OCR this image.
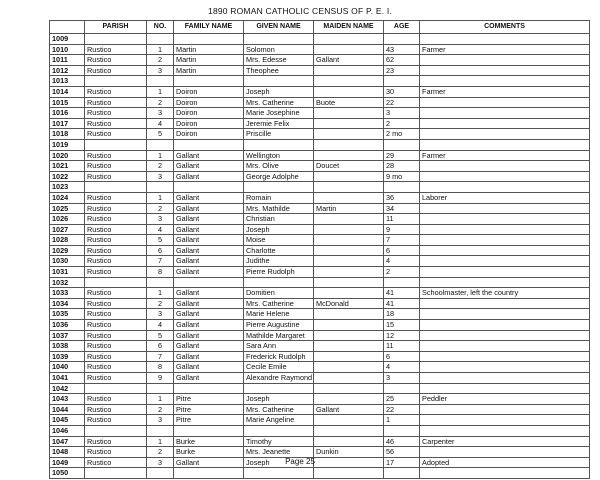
1890 ROMAN CATHOLIC CENSUS OF P. E. I.
	PARISH	NO.	FAMILY NAME	GIVEN NAME	MAIDEN NAME	AGE	COMMENTS
1009							
1010	Rustico	1	Martin	Solomon		43	Farmer
1011	Rustico	2	Martin	Mrs. Edesse	Gallant	62	
1012	Rustico	3	Martin	Theophee		23	
1013							
1014	Rustico	1	Doiron	Joseph		30	Farmer
1015	Rustico	2	Doiron	Mrs. Catherine	Buote	22	
1016	Rustico	3	Doiron	Marie Josephine		3	
1017	Rustico	4	Doiron	Jeremie Felix		2	
1018	Rustico	5	Doiron	Priscille		2 mo	
1019							
1020	Rustico	1	Gallant	Wellington		29	Farmer
1021	Rustico	2	Gallant	Mrs. Olive	Doucet	28	
1022	Rustico	3	Gallant	George Adolphe		9 mo	
1023							
1024	Rustico	1	Gallant	Romain		36	Laborer
1025	Rustico	2	Gallant	Mrs. Mathilde	Martin	34	
1026	Rustico	3	Gallant	Christian		11	
1027	Rustico	4	Gallant	Joseph		9	
1028	Rustico	5	Gallant	Moise		7	
1029	Rustico	6	Gallant	Charlotte		6	
1030	Rustico	7	Gallant	Judithe		4	
1031	Rustico	8	Gallant	Pierre Rudolph		2	
1032							
1033	Rustico	1	Gallant	Domitien		41	Schoolmaster, left the country
1034	Rustico	2	Gallant	Mrs. Catherine	McDonald	41	
1035	Rustico	3	Gallant	Marie Helene		18	
1036	Rustico	4	Gallant	Pierre Augustine		15	
1037	Rustico	5	Gallant	Mathilde Margaret		12	
1038	Rustico	6	Gallant	Sara Ann		11	
1039	Rustico	7	Gallant	Frederick Rudolph		6	
1040	Rustico	8	Gallant	Cecile Emile		4	
1041	Rustico	9	Gallant	Alexandre Raymond		3	
1042							
1043	Rustico	1	Pitre	Joseph		25	Peddler
1044	Rustico	2	Pitre	Mrs. Catherine	Gallant	22	
1045	Rustico	3	Pitre	Marie Angeline		1	
1046							
1047	Rustico	1	Burke	Timothy		46	Carpenter
1048	Rustico	2	Burke	Mrs. Jeanette	Dunkin	56	
1049	Rustico	3	Gallant	Joseph		17	Adopted
1050							
Page 25
